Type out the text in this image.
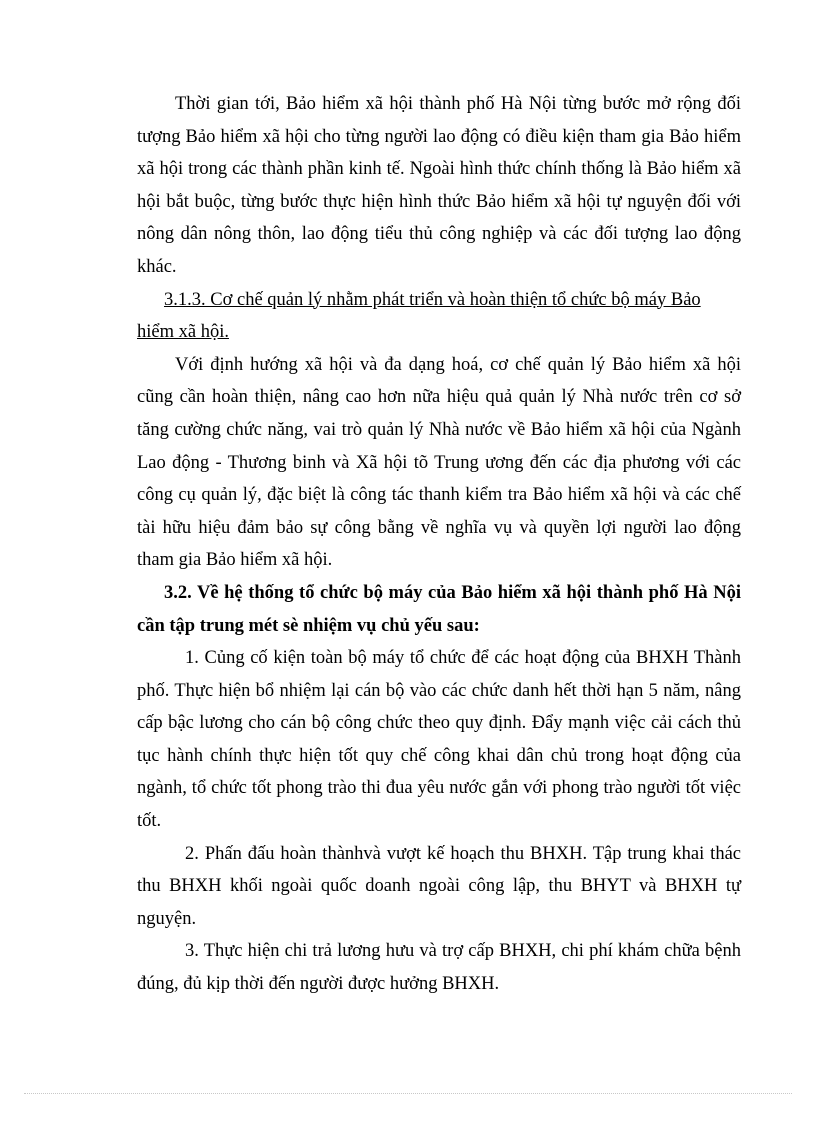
Thời gian tới, Bảo hiểm xã hội thành phố Hà Nội từng bước mở rộng đối tượng Bảo hiểm xã hội cho từng người lao động có điều kiện tham gia Bảo hiểm xã hội trong các thành phần kinh tế. Ngoài hình thức chính thống là Bảo hiểm xã hội bắt buộc, từng bước thực hiện hình thức Bảo hiểm xã hội tự nguyện đối với nông dân nông thôn, lao động tiểu thủ công nghiệp và các đối tượng lao động khác.

3.1.3. Cơ chế quản lý nhằm phát triển và hoàn thiện tổ chức bộ máy Bảo hiểm xã hội.

Với định hướng xã hội và đa dạng hoá, cơ chế quản lý Bảo hiểm xã hội cũng cần hoàn thiện, nâng cao hơn nữa hiệu quả quản lý Nhà nước trên cơ sở tăng cường chức năng, vai trò quản lý Nhà nước về Bảo hiểm xã hội của Ngành Lao động - Thương binh và Xã hội tõ Trung ương đến các địa phương với các công cụ quản lý, đặc biệt là công tác thanh kiểm tra Bảo hiểm xã hội và các chế tài hữu hiệu đảm bảo sự công bằng về nghĩa vụ và quyền lợi người lao động tham gia Bảo hiểm xã hội.

3.2. Về hệ thống tổ chức bộ máy của Bảo hiểm xã hội thành phố Hà Nội cần tập trung mét sè nhiệm vụ chủ yếu sau:

1. Củng cố kiện toàn bộ máy tổ chức để các hoạt động của BHXH Thành phố. Thực hiện bổ nhiệm lại cán bộ vào các chức danh hết thời hạn 5 năm, nâng cấp bậc lương cho cán bộ công chức theo quy định. Đẩy mạnh việc cải cách thủ tục hành chính thực hiện tốt quy chế công khai dân chủ trong hoạt động của ngành, tổ chức tốt phong trào thi đua yêu nước gắn với phong trào người tốt việc tốt.

2. Phấn đấu hoàn thànhvà vượt kế hoạch thu BHXH. Tập trung khai thác thu BHXH khối ngoài quốc doanh ngoài công lập, thu BHYT và BHXH tự nguyện.

3. Thực hiện chi trả lương hưu và trợ cấp BHXH, chi phí khám chữa bệnh đúng, đủ kịp thời đến người được hưởng BHXH.
